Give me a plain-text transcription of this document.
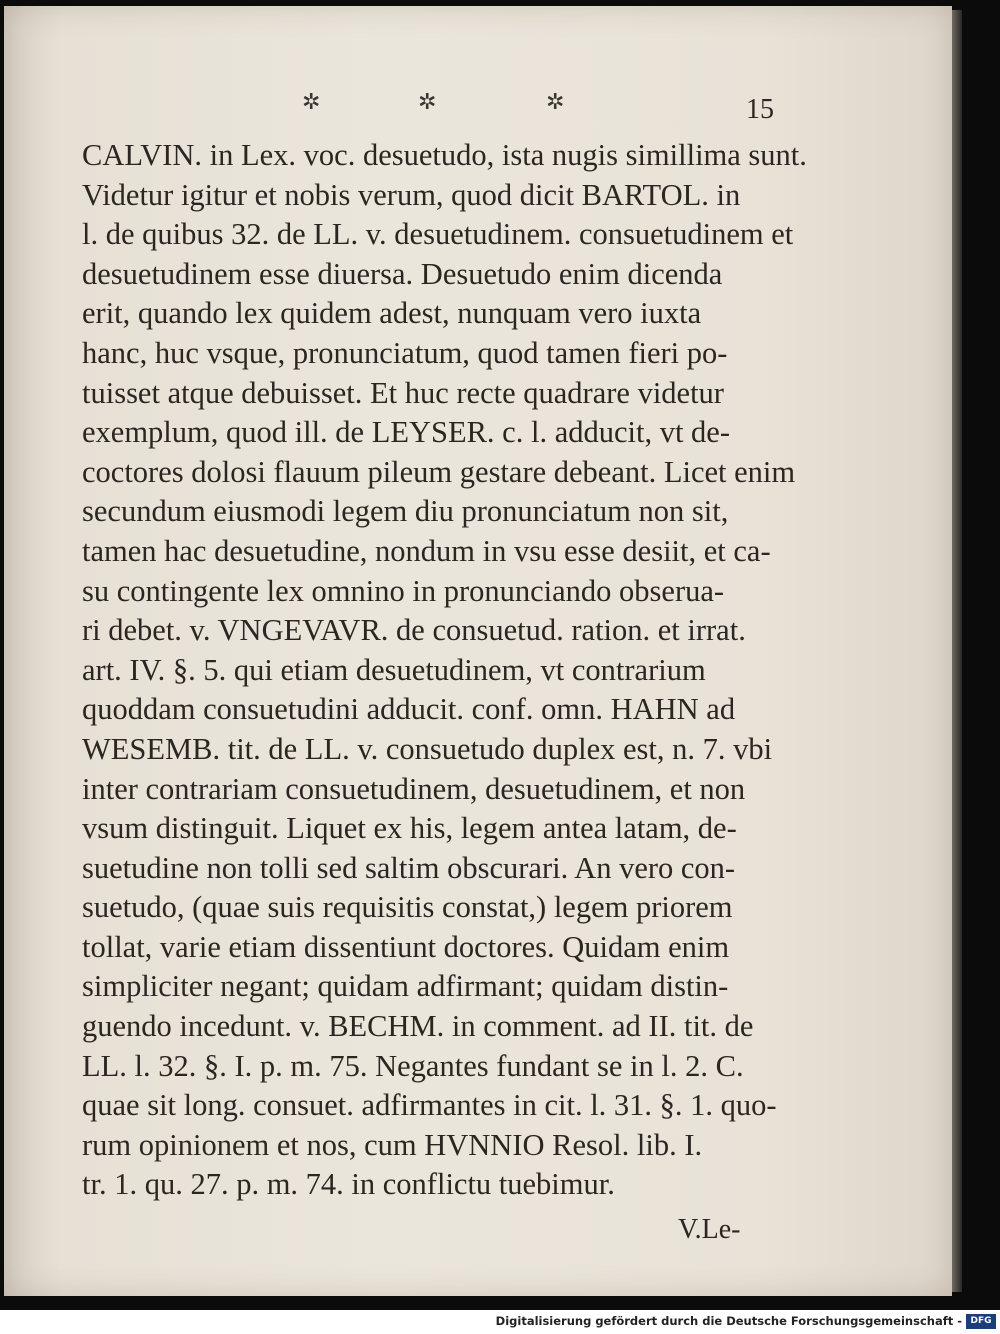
✲	✲	✲	15
CALVIN. in Lex. voc. desuetudo, ista nugis simillima sunt.
Videtur igitur et nobis verum, quod dicit BARTOL. in
l. de quibus 32. de LL. v. desuetudinem. consuetudinem et
desuetudinem esse diuersa. Desuetudo enim dicenda
erit, quando lex quidem adest, nunquam vero iuxta
hanc, huc vsque, pronunciatum, quod tamen fieri po-
tuisset atque debuisset. Et huc recte quadrare videtur
exemplum, quod ill. de LEYSER. c. l. adducit, vt de-
coctores dolosi flauum pileum gestare debeant. Licet enim
secundum eiusmodi legem diu pronunciatum non sit,
tamen hac desuetudine, nondum in vsu esse desiit, et ca-
su contingente lex omnino in pronunciando obserua-
ri debet. v. VNGEVAVR. de consuetud. ration. et irrat.
art. IV. §. 5. qui etiam desuetudinem, vt contrarium
quoddam consuetudini adducit. conf. omn. HAHN ad
WESEMB. tit. de LL. v. consuetudo duplex est, n. 7. vbi
inter contrariam consuetudinem, desuetudinem, et non
vsum distinguit. Liquet ex his, legem antea latam, de-
suetudine non tolli sed saltim obscurari. An vero con-
suetudo, (quae suis requisitis constat,) legem priorem
tollat, varie etiam dissentiunt doctores. Quidam enim
simpliciter negant; quidam adfirmant; quidam distin-
guendo incedunt. v. BECHM. in comment. ad II. tit. de
LL. l. 32. §. I. p. m. 75. Negantes fundant se in l. 2. C.
quae sit long. consuet. adfirmantes in cit. l. 31. §. 1. quo-
rum opinionem et nos, cum HVNNIO Resol. lib. I.
tr. 1. qu. 27. p. m. 74. in conflictu tuebimur.
V.Le-
Digitalisierung gefördert durch die Deutsche Forschungsgemeinschaft - DFG
